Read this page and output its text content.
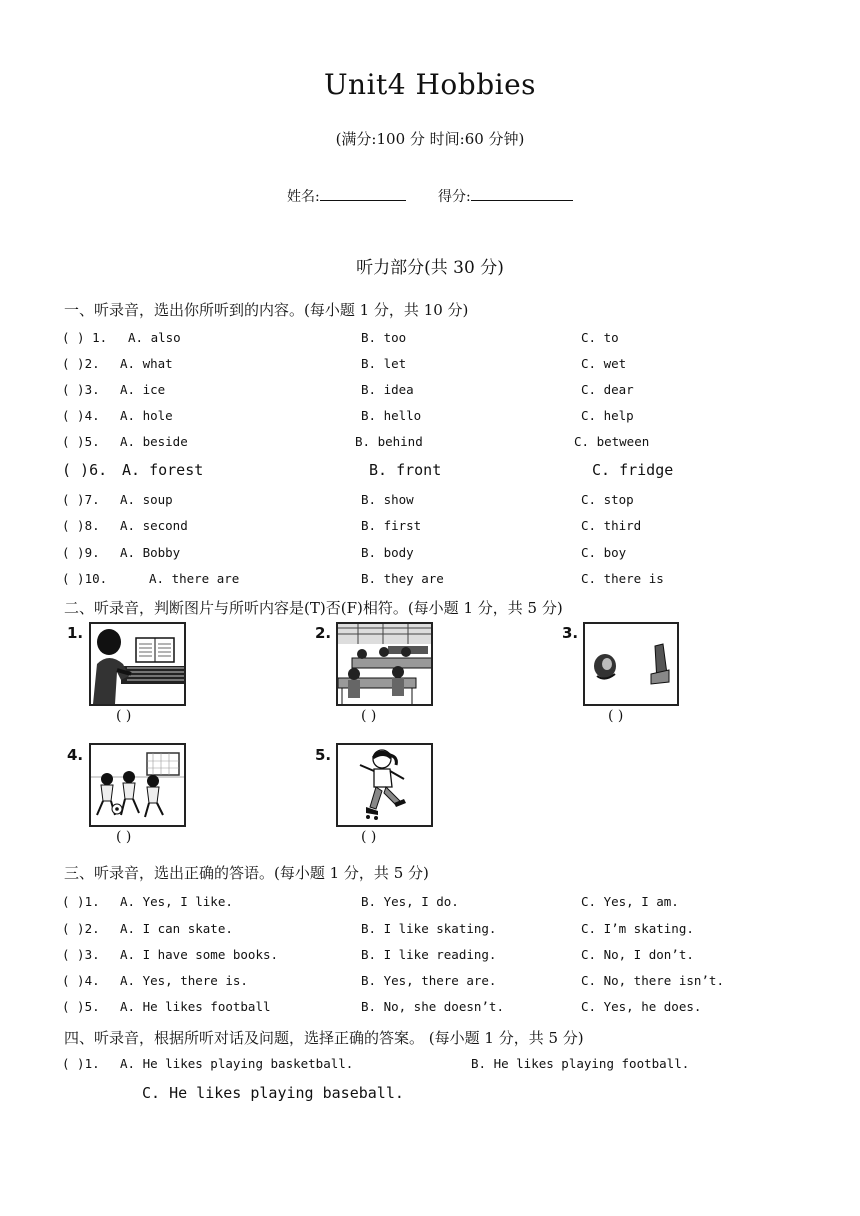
Unit4 Hobbies
(满分:100 分 时间:60 分钟)
姓名:	得分:
听力部分(共 30 分)
一、听录音，选出你所听到的内容。(每小题 1 分，共 10 分)
( ) 1. A. also	B. too	C. to
( )2. A. what	B. let	C. wet
( )3. A. ice	B. idea	C. dear
( )4. A. hole	B. hello	C. help
( )5. A. beside	B. behind	C. between
( )6. A. forest	B. front	C. fridge
( )7. A. soup	B. show	C. stop
( )8. A. second	B. first	C. third
( )9. A. Bobby	B. body	C. boy
( )10.	A. there are	B. they are	C. there is
二、听录音，判断图片与所听内容是(T)否(F)相符。(每小题 1 分，共 5 分)
1.
( )
2.
( )
3.
( )
4.
( )
5.
( )
三、听录音，选出正确的答语。(每小题 1 分，共 5 分)
( )1. A. Yes, I like.	B. Yes, I do.	C. Yes, I am.
( )2. A. I can skate.	B. I like skating.	C. I’m skating.
( )3. A. I have some books.	B. I like reading.	C. No, I don’t.
( )4. A. Yes, there is.	B. Yes, there are.	C. No, there isn’t.
( )5. A. He likes football	B. No, she doesn’t.	C. Yes, he does.
四、听录音，根据所听对话及问题，选择正确的答案。 (每小题 1 分，共 5 分)
( )1. A. He likes playing basketball.	B. He likes playing football.
C. He likes playing baseball.
